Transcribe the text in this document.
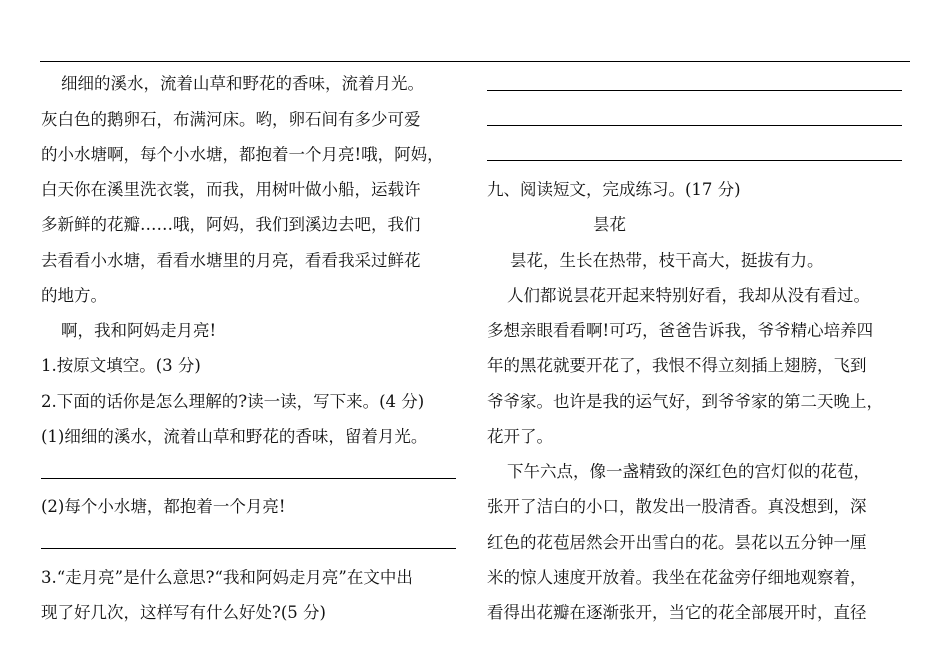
细细的溪水，流着山草和野花的香味，流着月光。
灰白色的鹅卵石，布满河床。哟，卵石间有多少可爱
的小水塘啊，每个小水塘，都抱着一个月亮!哦，阿妈，
白天你在溪里洗衣裳，而我，用树叶做小船，运载许
多新鲜的花瓣……哦，阿妈，我们到溪边去吧，我们
去看看小水塘，看看水塘里的月亮，看看我采过鲜花
的地方。
啊，我和阿妈走月亮!
1.按原文填空。(3 分)
2.下面的话你是怎么理解的?读一读，写下来。(4 分)
(1)细细的溪水，流着山草和野花的香味，留着月光。
(2)每个小水塘，都抱着一个月亮!
3.“走月亮”是什么意思?“我和阿妈走月亮”在文中出
现了好几次，这样写有什么好处?(5 分)
九、阅读短文，完成练习。(17 分)
昙花
昙花，生长在热带，枝干高大，挺拔有力。
人们都说昙花开起来特别好看，我却从没有看过。
多想亲眼看看啊!可巧，爸爸告诉我，爷爷精心培养四
年的黑花就要开花了，我恨不得立刻插上翅膀，飞到
爷爷家。也许是我的运气好，到爷爷家的第二天晚上，
花开了。
下午六点，像一盏精致的深红色的宫灯似的花苞，
张开了洁白的小口，散发出一股清香。真没想到，深
红色的花苞居然会开出雪白的花。昙花以五分钟一厘
米的惊人速度开放着。我坐在花盆旁仔细地观察着，
看得出花瓣在逐渐张开，当它的花全部展开时，直径
